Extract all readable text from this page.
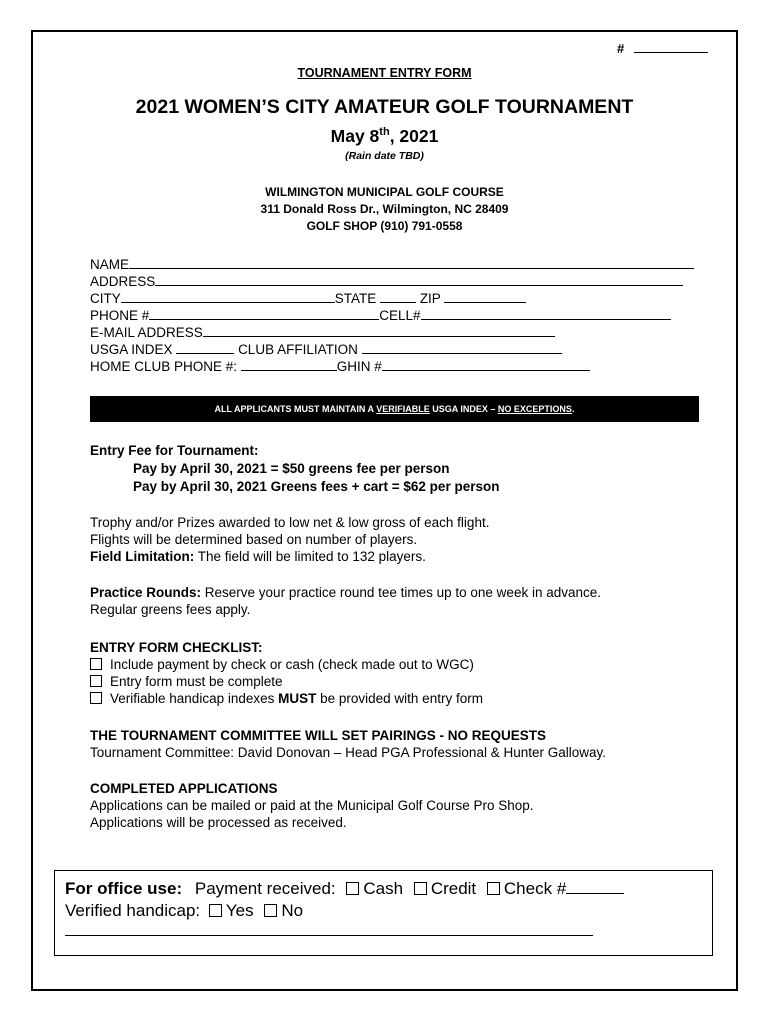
#
TOURNAMENT ENTRY FORM
2021 WOMEN’S CITY AMATEUR GOLF TOURNAMENT
May 8th, 2021
(Rain date TBD)
WILMINGTON MUNICIPAL GOLF COURSE
311 Donald Ross Dr., Wilmington, NC 28409
GOLF SHOP (910) 791-0558
NAME
ADDRESS
CITY	STATE	ZIP
PHONE #	CELL#
E-MAIL ADDRESS
USGA INDEX	CLUB AFFILIATION
HOME CLUB PHONE #:	GHIN #
ALL APPLICANTS MUST MAINTAIN A VERIFIABLE USGA INDEX – NO EXCEPTIONS.
Entry Fee for Tournament:
Pay by April 30, 2021 = $50 greens fee per person
Pay by April 30, 2021 Greens fees + cart = $62 per person
Trophy and/or Prizes awarded to low net & low gross of each flight.
Flights will be determined based on number of players.
Field Limitation: The field will be limited to 132 players.
Practice Rounds: Reserve your practice round tee times up to one week in advance.
Regular greens fees apply.
ENTRY FORM CHECKLIST:
Include payment by check or cash (check made out to WGC)
Entry form must be complete
Verifiable handicap indexes MUST be provided with entry form
THE TOURNAMENT COMMITTEE WILL SET PAIRINGS - NO REQUESTS
Tournament Committee: David Donovan – Head PGA Professional & Hunter Galloway.
COMPLETED APPLICATIONS
Applications can be mailed or paid at the Municipal Golf Course Pro Shop.
Applications will be processed as received.
For office use: Payment received: Cash Credit Check #
Verified handicap: Yes No
